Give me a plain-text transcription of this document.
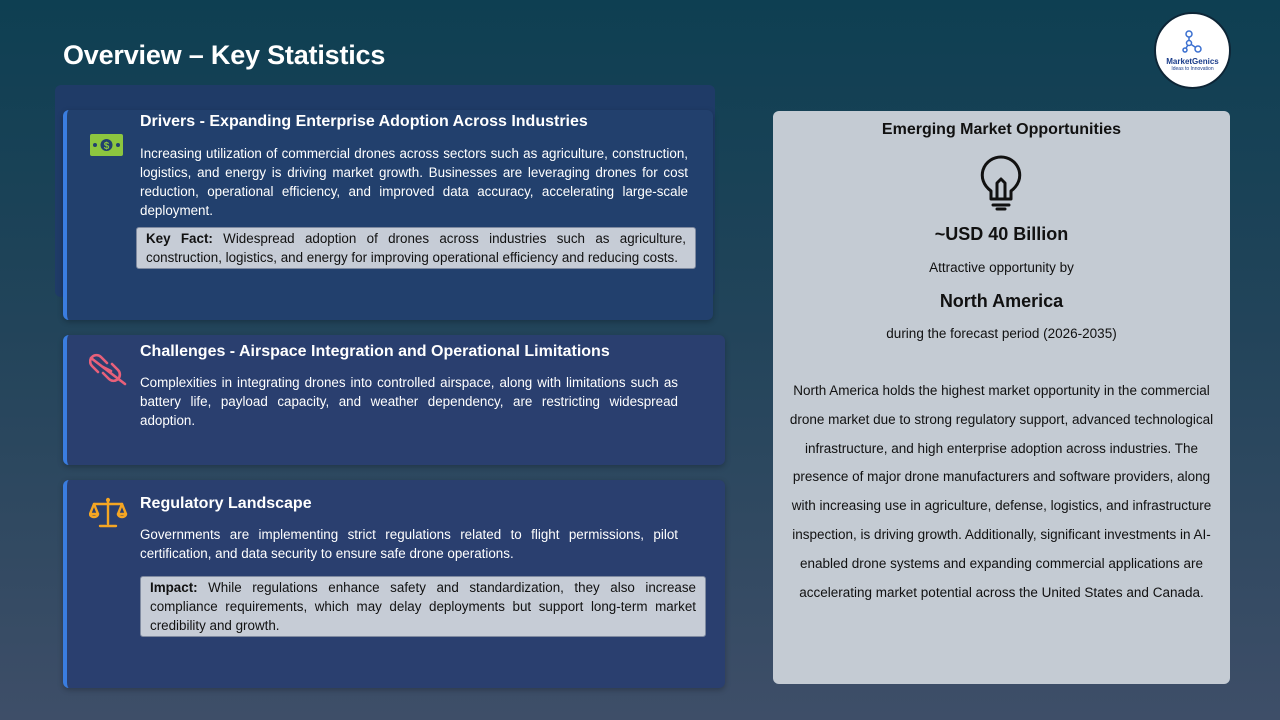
Overview – Key Statistics	MarketGenics
Ideas to Innovation
$
Drivers - Expanding Enterprise Adoption Across Industries
Increasing utilization of commercial drones across sectors such as agriculture, construction, logistics, and energy is driving market growth. Businesses are leveraging drones for cost reduction, operational efficiency, and improved data accuracy, accelerating large-scale deployment.
Key Fact: Widespread adoption of drones across industries such as agriculture, construction, logistics, and energy for improving operational efficiency and reducing costs.
Challenges - Airspace Integration and Operational Limitations
Complexities in integrating drones into controlled airspace, along with limitations such as battery life, payload capacity, and weather dependency, are restricting widespread adoption.
Regulatory Landscape
Governments are implementing strict regulations related to flight permissions, pilot certification, and data security to ensure safe drone operations.
Impact: While regulations enhance safety and standardization, they also increase compliance requirements, which may delay deployments but support long-term market credibility and growth.
Emerging Market Opportunities
~USD 40 Billion
Attractive opportunity by
North America
during the forecast period (2026-2035)
North America holds the highest market opportunity in the commercial drone market due to strong regulatory support, advanced technological infrastructure, and high enterprise adoption across industries. The presence of major drone manufacturers and software providers, along with increasing use in agriculture, defense, logistics, and infrastructure inspection, is driving growth. Additionally, significant investments in AI-enabled drone systems and expanding commercial applications are accelerating market potential across the United States and Canada.
